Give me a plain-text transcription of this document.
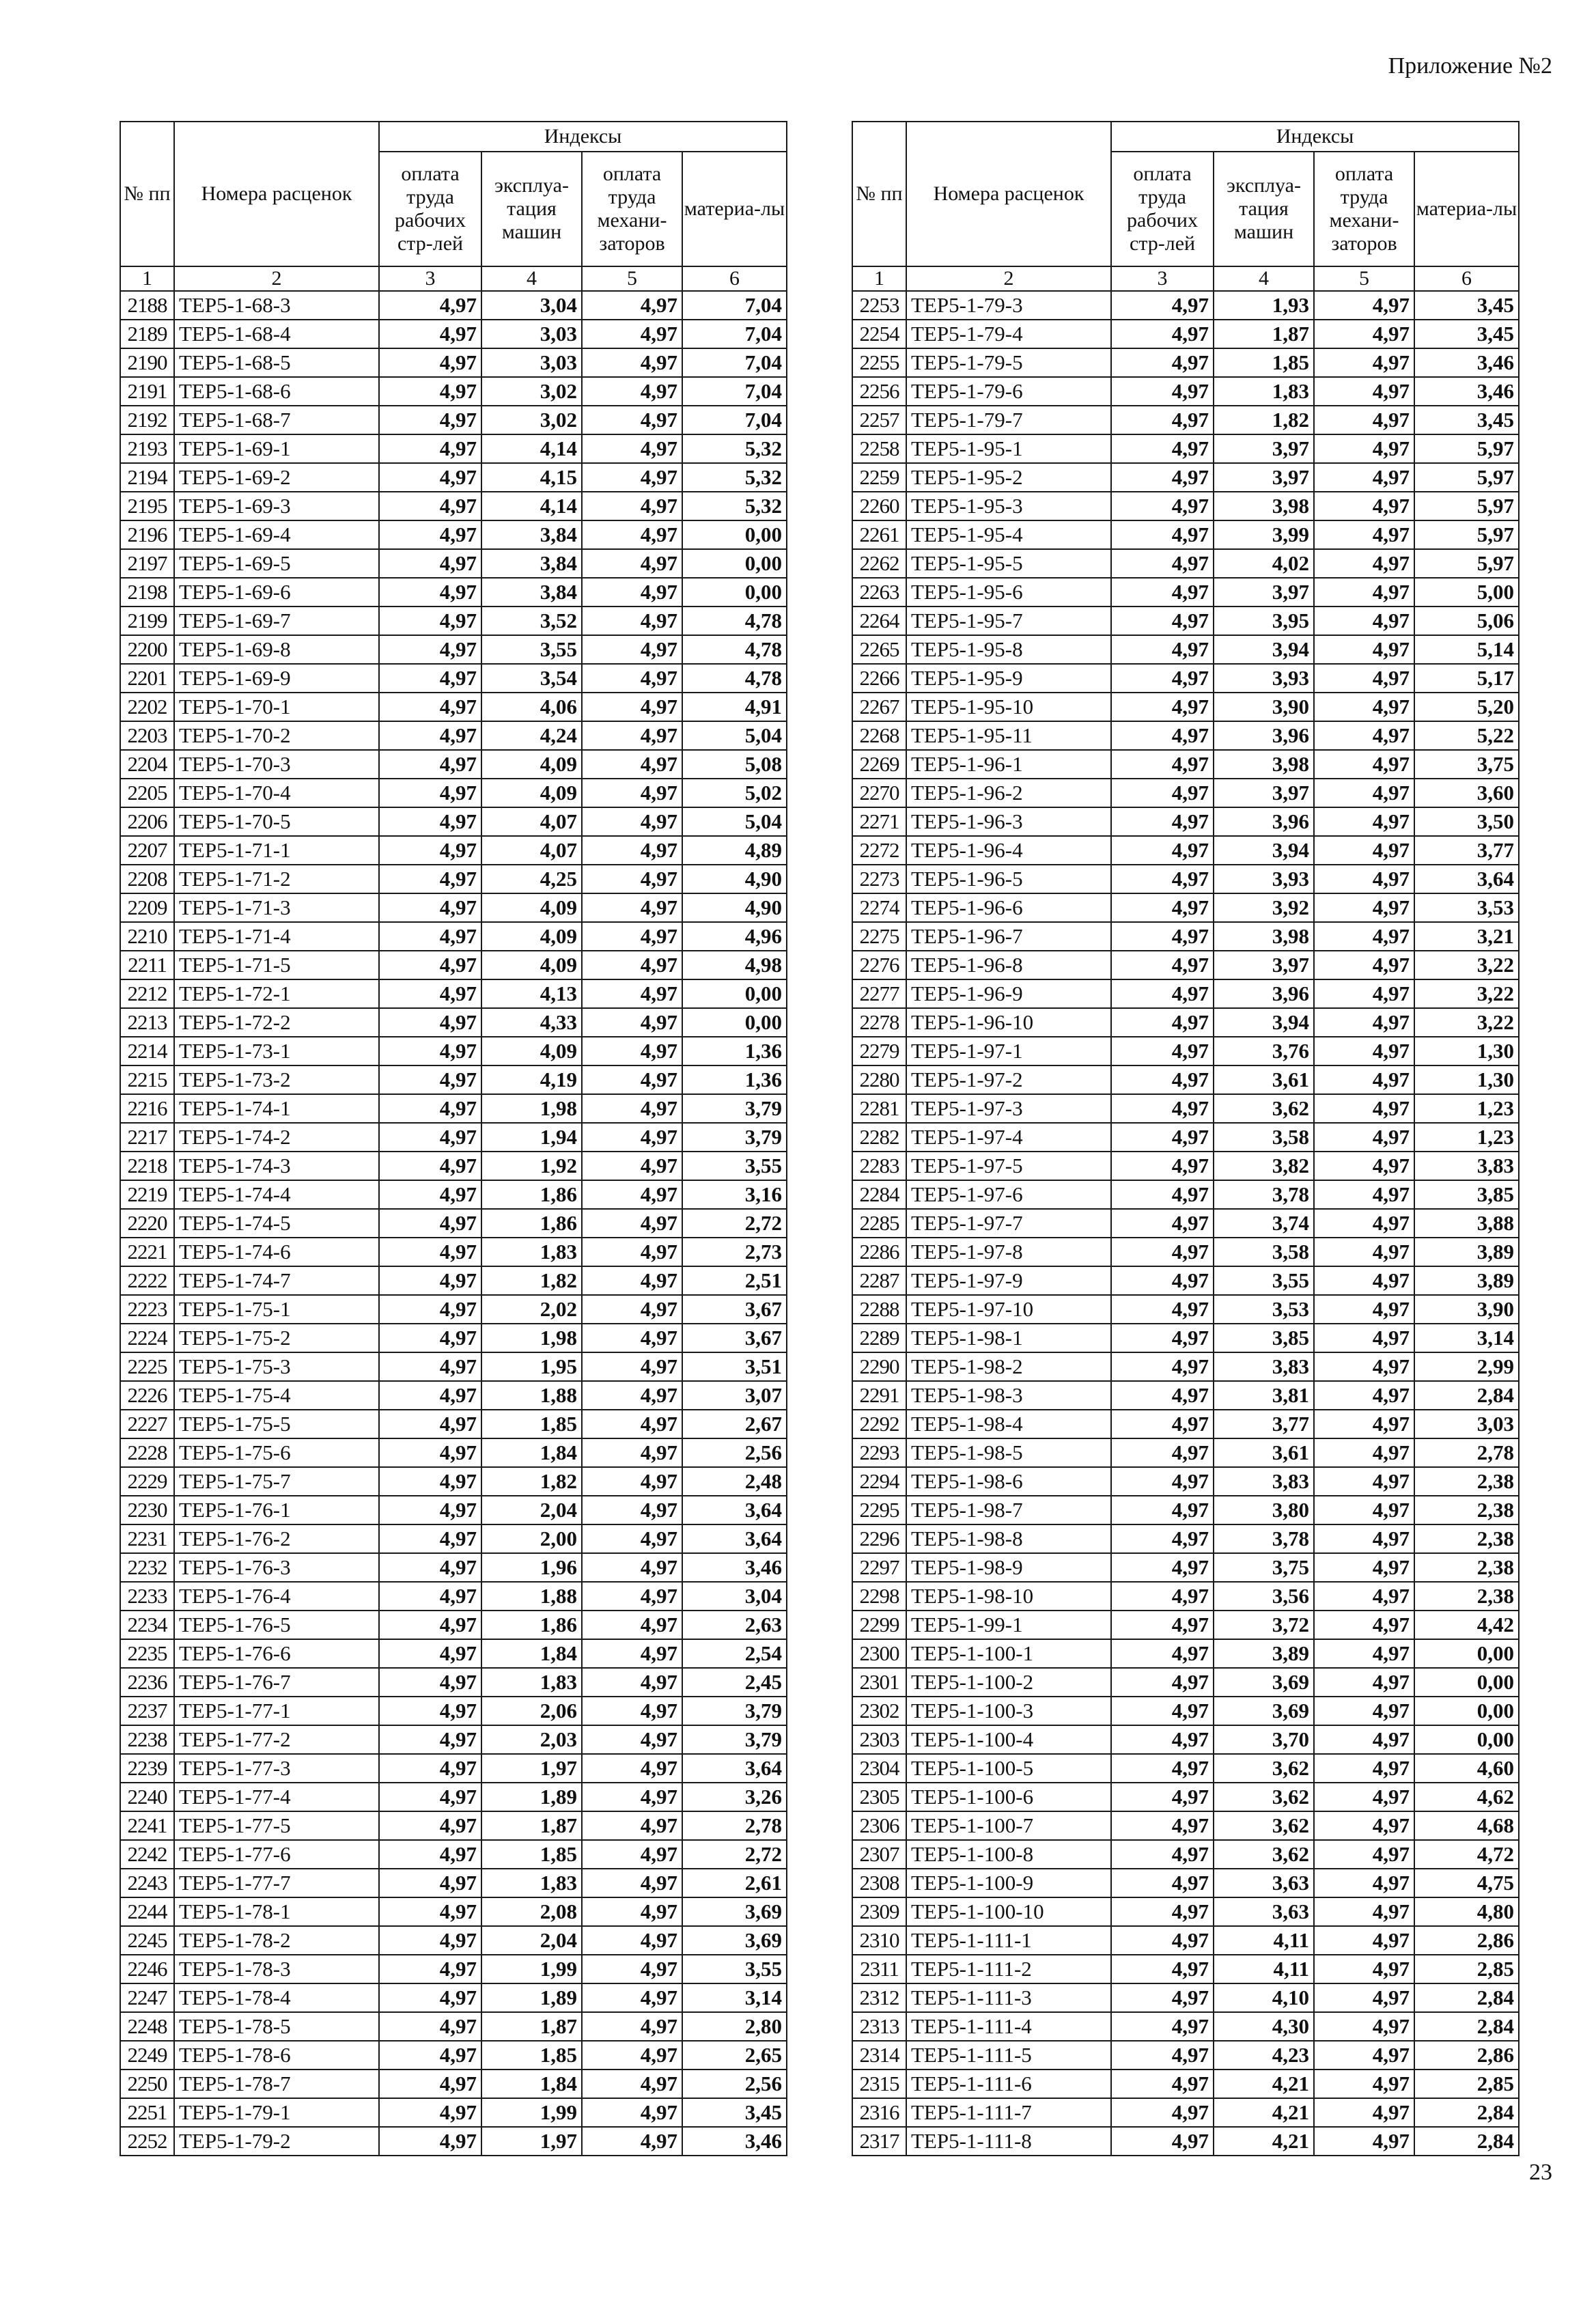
Приложение №2
№ пп	Номера расценок	Индексы			
		оплата труда рабочих стр-лей	эксплуа-тация машин	оплата труда механи-заторов	материа-лы
1	2	3	4	5	6
2188	ТЕР5-1-68-3	4,97	3,04	4,97	7,04
2189	ТЕР5-1-68-4	4,97	3,03	4,97	7,04
2190	ТЕР5-1-68-5	4,97	3,03	4,97	7,04
2191	ТЕР5-1-68-6	4,97	3,02	4,97	7,04
2192	ТЕР5-1-68-7	4,97	3,02	4,97	7,04
2193	ТЕР5-1-69-1	4,97	4,14	4,97	5,32
2194	ТЕР5-1-69-2	4,97	4,15	4,97	5,32
2195	ТЕР5-1-69-3	4,97	4,14	4,97	5,32
2196	ТЕР5-1-69-4	4,97	3,84	4,97	0,00
2197	ТЕР5-1-69-5	4,97	3,84	4,97	0,00
2198	ТЕР5-1-69-6	4,97	3,84	4,97	0,00
2199	ТЕР5-1-69-7	4,97	3,52	4,97	4,78
2200	ТЕР5-1-69-8	4,97	3,55	4,97	4,78
2201	ТЕР5-1-69-9	4,97	3,54	4,97	4,78
2202	ТЕР5-1-70-1	4,97	4,06	4,97	4,91
2203	ТЕР5-1-70-2	4,97	4,24	4,97	5,04
2204	ТЕР5-1-70-3	4,97	4,09	4,97	5,08
2205	ТЕР5-1-70-4	4,97	4,09	4,97	5,02
2206	ТЕР5-1-70-5	4,97	4,07	4,97	5,04
2207	ТЕР5-1-71-1	4,97	4,07	4,97	4,89
2208	ТЕР5-1-71-2	4,97	4,25	4,97	4,90
2209	ТЕР5-1-71-3	4,97	4,09	4,97	4,90
2210	ТЕР5-1-71-4	4,97	4,09	4,97	4,96
2211	ТЕР5-1-71-5	4,97	4,09	4,97	4,98
2212	ТЕР5-1-72-1	4,97	4,13	4,97	0,00
2213	ТЕР5-1-72-2	4,97	4,33	4,97	0,00
2214	ТЕР5-1-73-1	4,97	4,09	4,97	1,36
2215	ТЕР5-1-73-2	4,97	4,19	4,97	1,36
2216	ТЕР5-1-74-1	4,97	1,98	4,97	3,79
2217	ТЕР5-1-74-2	4,97	1,94	4,97	3,79
2218	ТЕР5-1-74-3	4,97	1,92	4,97	3,55
2219	ТЕР5-1-74-4	4,97	1,86	4,97	3,16
2220	ТЕР5-1-74-5	4,97	1,86	4,97	2,72
2221	ТЕР5-1-74-6	4,97	1,83	4,97	2,73
2222	ТЕР5-1-74-7	4,97	1,82	4,97	2,51
2223	ТЕР5-1-75-1	4,97	2,02	4,97	3,67
2224	ТЕР5-1-75-2	4,97	1,98	4,97	3,67
2225	ТЕР5-1-75-3	4,97	1,95	4,97	3,51
2226	ТЕР5-1-75-4	4,97	1,88	4,97	3,07
2227	ТЕР5-1-75-5	4,97	1,85	4,97	2,67
2228	ТЕР5-1-75-6	4,97	1,84	4,97	2,56
2229	ТЕР5-1-75-7	4,97	1,82	4,97	2,48
2230	ТЕР5-1-76-1	4,97	2,04	4,97	3,64
2231	ТЕР5-1-76-2	4,97	2,00	4,97	3,64
2232	ТЕР5-1-76-3	4,97	1,96	4,97	3,46
2233	ТЕР5-1-76-4	4,97	1,88	4,97	3,04
2234	ТЕР5-1-76-5	4,97	1,86	4,97	2,63
2235	ТЕР5-1-76-6	4,97	1,84	4,97	2,54
2236	ТЕР5-1-76-7	4,97	1,83	4,97	2,45
2237	ТЕР5-1-77-1	4,97	2,06	4,97	3,79
2238	ТЕР5-1-77-2	4,97	2,03	4,97	3,79
2239	ТЕР5-1-77-3	4,97	1,97	4,97	3,64
2240	ТЕР5-1-77-4	4,97	1,89	4,97	3,26
2241	ТЕР5-1-77-5	4,97	1,87	4,97	2,78
2242	ТЕР5-1-77-6	4,97	1,85	4,97	2,72
2243	ТЕР5-1-77-7	4,97	1,83	4,97	2,61
2244	ТЕР5-1-78-1	4,97	2,08	4,97	3,69
2245	ТЕР5-1-78-2	4,97	2,04	4,97	3,69
2246	ТЕР5-1-78-3	4,97	1,99	4,97	3,55
2247	ТЕР5-1-78-4	4,97	1,89	4,97	3,14
2248	ТЕР5-1-78-5	4,97	1,87	4,97	2,80
2249	ТЕР5-1-78-6	4,97	1,85	4,97	2,65
2250	ТЕР5-1-78-7	4,97	1,84	4,97	2,56
2251	ТЕР5-1-79-1	4,97	1,99	4,97	3,45
2252	ТЕР5-1-79-2	4,97	1,97	4,97	3,46
№ пп	Номера расценок	Индексы			
		оплата труда рабочих стр-лей	эксплуа-тация машин	оплата труда механи-заторов	материа-лы
1	2	3	4	5	6
2253	ТЕР5-1-79-3	4,97	1,93	4,97	3,45
2254	ТЕР5-1-79-4	4,97	1,87	4,97	3,45
2255	ТЕР5-1-79-5	4,97	1,85	4,97	3,46
2256	ТЕР5-1-79-6	4,97	1,83	4,97	3,46
2257	ТЕР5-1-79-7	4,97	1,82	4,97	3,45
2258	ТЕР5-1-95-1	4,97	3,97	4,97	5,97
2259	ТЕР5-1-95-2	4,97	3,97	4,97	5,97
2260	ТЕР5-1-95-3	4,97	3,98	4,97	5,97
2261	ТЕР5-1-95-4	4,97	3,99	4,97	5,97
2262	ТЕР5-1-95-5	4,97	4,02	4,97	5,97
2263	ТЕР5-1-95-6	4,97	3,97	4,97	5,00
2264	ТЕР5-1-95-7	4,97	3,95	4,97	5,06
2265	ТЕР5-1-95-8	4,97	3,94	4,97	5,14
2266	ТЕР5-1-95-9	4,97	3,93	4,97	5,17
2267	ТЕР5-1-95-10	4,97	3,90	4,97	5,20
2268	ТЕР5-1-95-11	4,97	3,96	4,97	5,22
2269	ТЕР5-1-96-1	4,97	3,98	4,97	3,75
2270	ТЕР5-1-96-2	4,97	3,97	4,97	3,60
2271	ТЕР5-1-96-3	4,97	3,96	4,97	3,50
2272	ТЕР5-1-96-4	4,97	3,94	4,97	3,77
2273	ТЕР5-1-96-5	4,97	3,93	4,97	3,64
2274	ТЕР5-1-96-6	4,97	3,92	4,97	3,53
2275	ТЕР5-1-96-7	4,97	3,98	4,97	3,21
2276	ТЕР5-1-96-8	4,97	3,97	4,97	3,22
2277	ТЕР5-1-96-9	4,97	3,96	4,97	3,22
2278	ТЕР5-1-96-10	4,97	3,94	4,97	3,22
2279	ТЕР5-1-97-1	4,97	3,76	4,97	1,30
2280	ТЕР5-1-97-2	4,97	3,61	4,97	1,30
2281	ТЕР5-1-97-3	4,97	3,62	4,97	1,23
2282	ТЕР5-1-97-4	4,97	3,58	4,97	1,23
2283	ТЕР5-1-97-5	4,97	3,82	4,97	3,83
2284	ТЕР5-1-97-6	4,97	3,78	4,97	3,85
2285	ТЕР5-1-97-7	4,97	3,74	4,97	3,88
2286	ТЕР5-1-97-8	4,97	3,58	4,97	3,89
2287	ТЕР5-1-97-9	4,97	3,55	4,97	3,89
2288	ТЕР5-1-97-10	4,97	3,53	4,97	3,90
2289	ТЕР5-1-98-1	4,97	3,85	4,97	3,14
2290	ТЕР5-1-98-2	4,97	3,83	4,97	2,99
2291	ТЕР5-1-98-3	4,97	3,81	4,97	2,84
2292	ТЕР5-1-98-4	4,97	3,77	4,97	3,03
2293	ТЕР5-1-98-5	4,97	3,61	4,97	2,78
2294	ТЕР5-1-98-6	4,97	3,83	4,97	2,38
2295	ТЕР5-1-98-7	4,97	3,80	4,97	2,38
2296	ТЕР5-1-98-8	4,97	3,78	4,97	2,38
2297	ТЕР5-1-98-9	4,97	3,75	4,97	2,38
2298	ТЕР5-1-98-10	4,97	3,56	4,97	2,38
2299	ТЕР5-1-99-1	4,97	3,72	4,97	4,42
2300	ТЕР5-1-100-1	4,97	3,89	4,97	0,00
2301	ТЕР5-1-100-2	4,97	3,69	4,97	0,00
2302	ТЕР5-1-100-3	4,97	3,69	4,97	0,00
2303	ТЕР5-1-100-4	4,97	3,70	4,97	0,00
2304	ТЕР5-1-100-5	4,97	3,62	4,97	4,60
2305	ТЕР5-1-100-6	4,97	3,62	4,97	4,62
2306	ТЕР5-1-100-7	4,97	3,62	4,97	4,68
2307	ТЕР5-1-100-8	4,97	3,62	4,97	4,72
2308	ТЕР5-1-100-9	4,97	3,63	4,97	4,75
2309	ТЕР5-1-100-10	4,97	3,63	4,97	4,80
2310	ТЕР5-1-111-1	4,97	4,11	4,97	2,86
2311	ТЕР5-1-111-2	4,97	4,11	4,97	2,85
2312	ТЕР5-1-111-3	4,97	4,10	4,97	2,84
2313	ТЕР5-1-111-4	4,97	4,30	4,97	2,84
2314	ТЕР5-1-111-5	4,97	4,23	4,97	2,86
2315	ТЕР5-1-111-6	4,97	4,21	4,97	2,85
2316	ТЕР5-1-111-7	4,97	4,21	4,97	2,84
2317	ТЕР5-1-111-8	4,97	4,21	4,97	2,84
23
